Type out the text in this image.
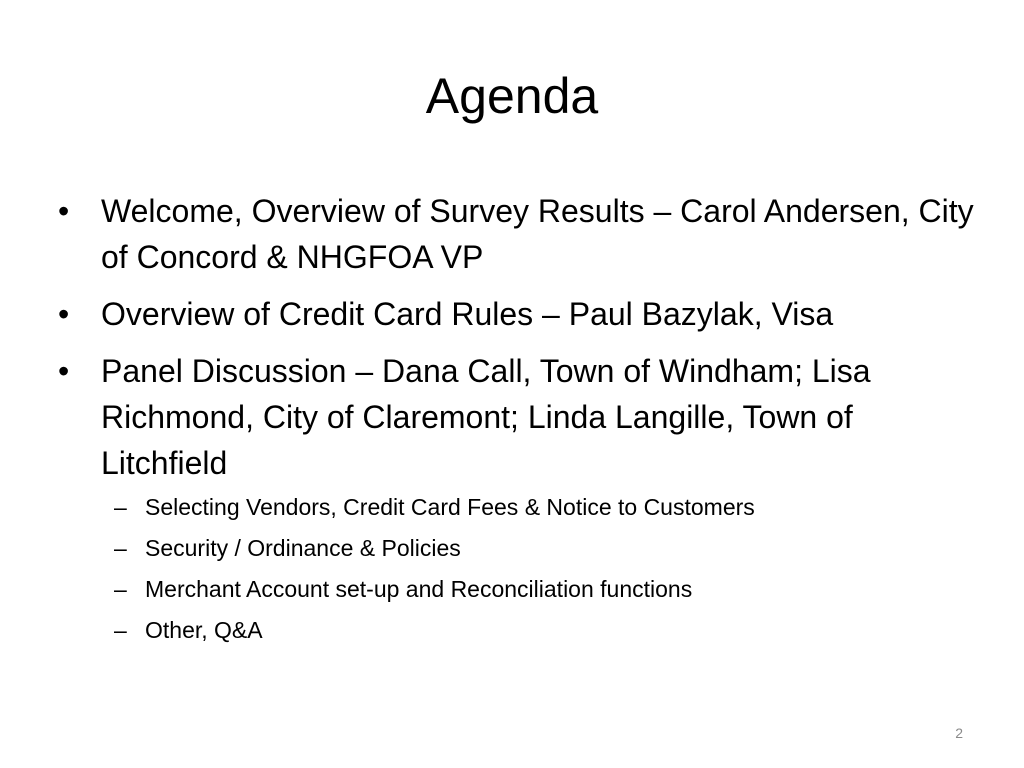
Agenda
• Welcome, Overview of Survey Results – Carol Andersen, City of Concord & NHGFOA VP
• Overview of Credit Card Rules – Paul Bazylak, Visa
• Panel Discussion – Dana Call, Town of Windham; Lisa Richmond, City of Claremont; Linda Langille, Town of Litchfield
– Selecting Vendors, Credit Card Fees & Notice to Customers
– Security / Ordinance & Policies
– Merchant Account set-up and Reconciliation functions
– Other, Q&A
2
